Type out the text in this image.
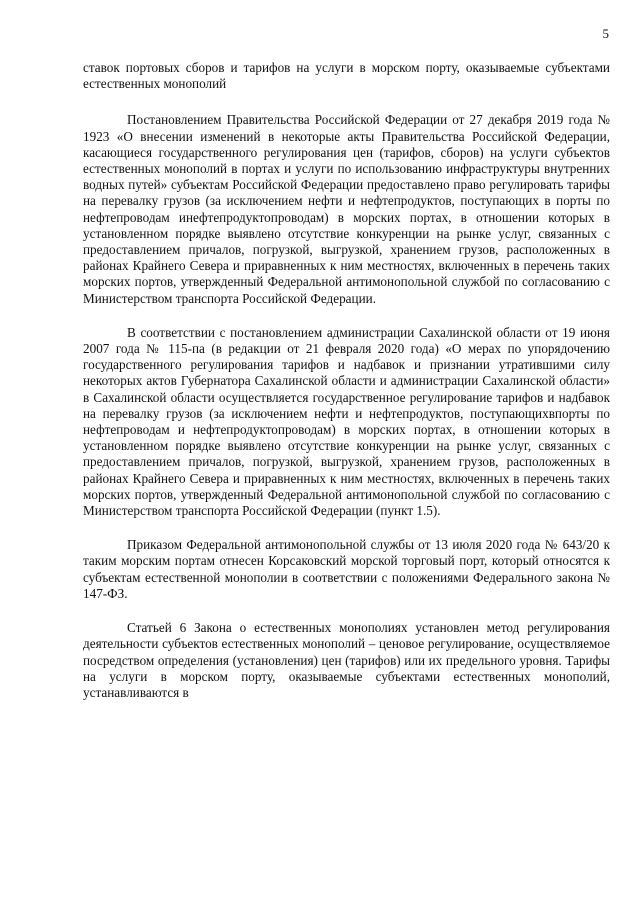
5

ставок портовых сборов и тарифов на услуги в морском порту, оказываемые субъектами естественных монополий

Постановлением Правительства Российской Федерации от 27 декабря 2019 года № 1923 «О внесении изменений в некоторые акты Правительства Российской Федерации, касающиеся государственного регулирования цен (тарифов, сборов) на услуги субъектов естественных монополий в портах и услуги по использованию инфраструктуры внутренних водных путей» субъектам Российской Федерации предоставлено право регулировать тарифы на перевалку грузов (за исключением нефти и нефтепродуктов, поступающих в порты по нефтепроводам инефтепродуктопроводам) в морских портах, в отношении которых в установленном порядке выявлено отсутствие конкуренции на рынке услуг, связанных с предоставлением причалов, погрузкой, выгрузкой, хранением грузов, расположенных в районах Крайнего Севера и приравненных к ним местностях, включенных в перечень таких морских портов, утвержденный Федеральной антимонопольной службой по согласованию с Министерством транспорта Российской Федерации.

В соответствии с постановлением администрации Сахалинской области от 19 июня 2007 года № 115-па (в редакции от 21 февраля 2020 года) «О мерах по упорядочению государственного регулирования тарифов и надбавок и признании утратившими силу некоторых актов Губернатора Сахалинской области и администрации Сахалинской области» в Сахалинской области осуществляется государственное регулирование тарифов и надбавок на перевалку грузов (за исключением нефти и нефтепродуктов, поступающихвпорты по нефтепроводам и нефтепродуктопроводам) в морских портах, в отношении которых в установленном порядке выявлено отсутствие конкуренции на рынке услуг, связанных с предоставлением причалов, погрузкой, выгрузкой, хранением грузов, расположенных в районах Крайнего Севера и приравненных к ним местностях, включенных в перечень таких морских портов, утвержденный Федеральной антимонопольной службой по согласованию с Министерством транспорта Российской Федерации (пункт 1.5).

Приказом Федеральной антимонопольной службы от 13 июля 2020 года № 643/20 к таким морским портам отнесен Корсаковский морской торговый порт, который относятся к субъектам естественной монополии в соответствии с положениями Федерального закона № 147-ФЗ.

Статьей 6 Закона о естественных монополиях установлен метод регулирования деятельности субъектов естественных монополий – ценовое регулирование, осуществляемое посредством определения (установления) цен (тарифов) или их предельного уровня. Тарифы на услуги в морском порту, оказываемые субъектами естественных монополий, устанавливаются в
